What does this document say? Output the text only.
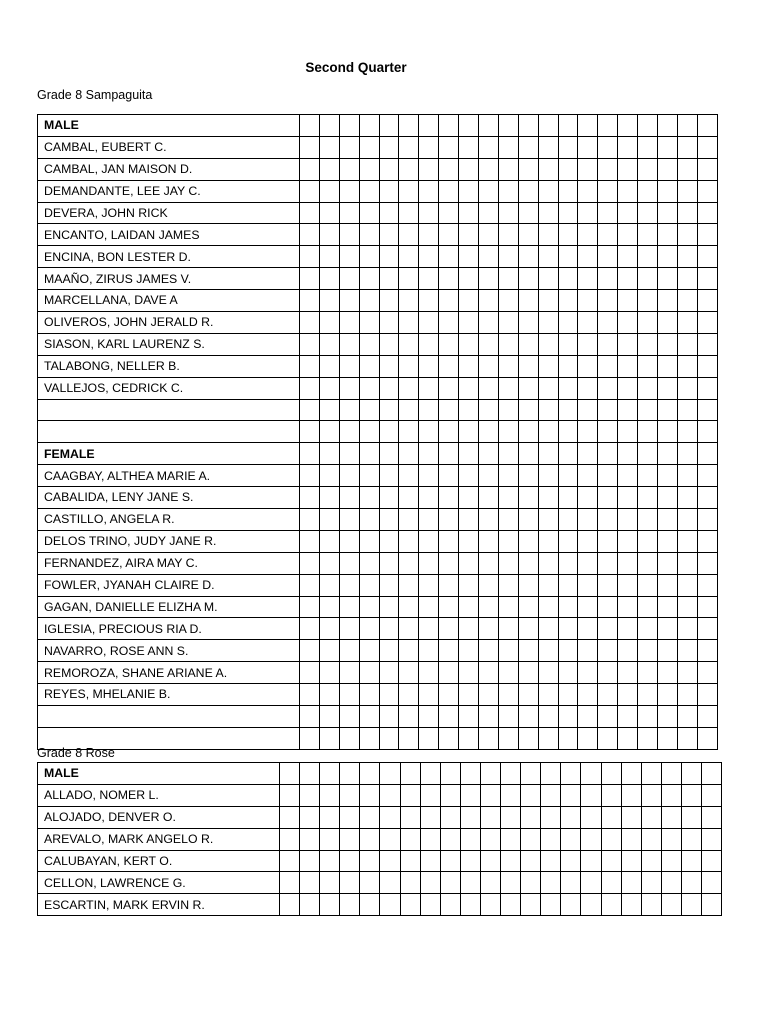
Second Quarter
Grade 8 Sampaguita
MALE																					
CAMBAL, EUBERT C.																					
CAMBAL, JAN MAISON D.																					
DEMANDANTE, LEE JAY C.																					
DEVERA, JOHN RICK																					
ENCANTO, LAIDAN JAMES																					
ENCINA, BON LESTER D.																					
MAAÑO, ZIRUS JAMES V.																					
MARCELLANA, DAVE A																					
OLIVEROS, JOHN JERALD R.																					
SIASON, KARL LAURENZ S.																					
TALABONG, NELLER B.																					
VALLEJOS, CEDRICK C.																					

FEMALE																					
CAAGBAY, ALTHEA MARIE A.																					
CABALIDA, LENY JANE S.																					
CASTILLO, ANGELA R.																					
DELOS TRINO, JUDY JANE R.																					
FERNANDEZ, AIRA MAY C.																					
FOWLER, JYANAH CLAIRE D.																					
GAGAN, DANIELLE ELIZHA M.																					
IGLESIA, PRECIOUS RIA D.																					
NAVARRO, ROSE ANN S.																					
REMOROZA, SHANE ARIANE A.																					
REYES, MHELANIE B.																					

Grade 8 Rose
MALE																						
ALLADO, NOMER L.																						
ALOJADO, DENVER O.																						
AREVALO, MARK ANGELO R.																						
CALUBAYAN, KERT O.																						
CELLON, LAWRENCE G.																						
ESCARTIN, MARK ERVIN R.																						
